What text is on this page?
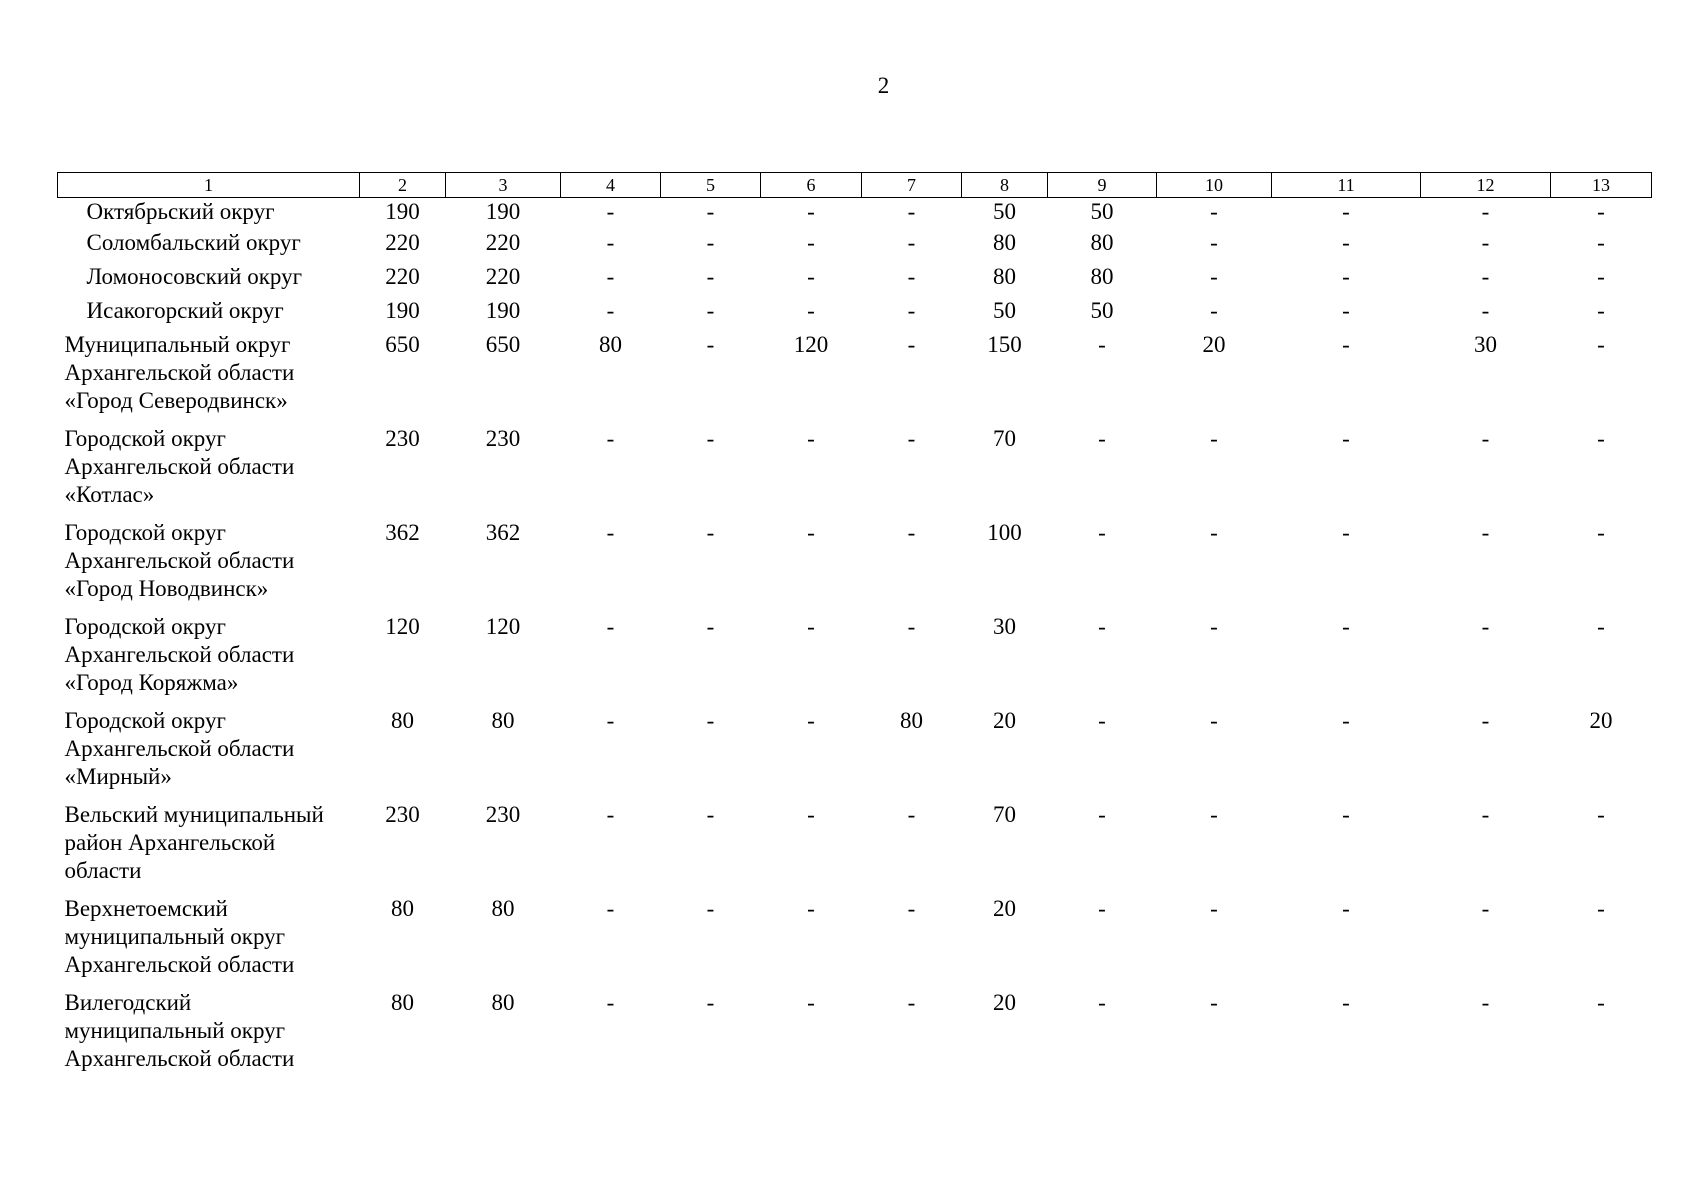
2
1	2	3	4	5	6	7	8	9	10	11	12	13
Октябрьский округ	190	190	-	-	-	-	50	50	-	-	-	-
Соломбальский округ	220	220	-	-	-	-	80	80	-	-	-	-
Ломоносовский округ	220	220	-	-	-	-	80	80	-	-	-	-
Исакогорский округ	190	190	-	-	-	-	50	50	-	-	-	-
Муниципальный округ
Архангельской области
«Город Северодвинск»	650	650	80	-	120	-	150	-	20	-	30	-
Городской округ
Архангельской области
«Котлас»	230	230	-	-	-	-	70	-	-	-	-	-
Городской округ
Архангельской области
«Город Новодвинск»	362	362	-	-	-	-	100	-	-	-	-	-
Городской округ
Архангельской области
«Город Коряжма»	120	120	-	-	-	-	30	-	-	-	-	-
Городской округ
Архангельской области
«Мирный»	80	80	-	-	-	80	20	-	-	-	-	20
Вельский муниципальный
район Архангельской
области	230	230	-	-	-	-	70	-	-	-	-	-
Верхнетоемский
муниципальный округ
Архангельской области	80	80	-	-	-	-	20	-	-	-	-	-
Вилегодский
муниципальный округ
Архангельской области	80	80	-	-	-	-	20	-	-	-	-	-
